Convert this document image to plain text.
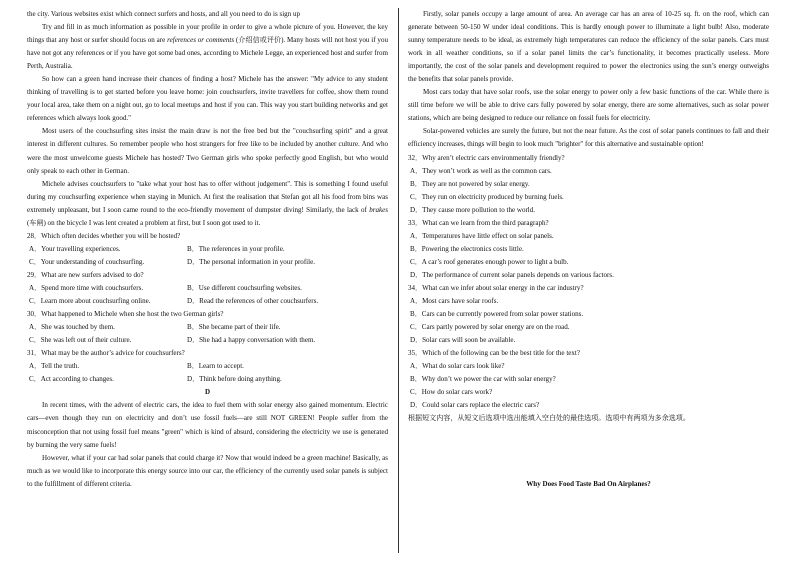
the city. Various websites exist which connect surfers and hosts, and all you need to do is sign up

Try and fill in as much information as possible in your profile in order to give a whole picture of you. However, the key things that any host or surfer should focus on are references or comments (介绍信或评价). Many hosts will not host you if you have not got any references or if you have got some bad ones, according to Michele Legge, an experienced host and surfer from Perth, Australia.

So how can a green hand increase their chances of finding a host? Michele has the answer: "My advice to any student thinking of travelling is to get started before you leave home: join couchsurfers, invite travellers for coffee, show them round your local area, take them on a night out, go to local meetups and host if you can. This way you start building networks and get references which always look good."

Most users of the couchsurfing sites insist the main draw is not the free bed but the "couchsurfing spirit" and a great interest in different cultures. So remember people who host strangers for free like to be included by another culture. And who were the most unwelcome guests Michele has hosted? Two German girls who spoke perfectly good English, but who would only speak to each other in German.

Michele advises couchsurfers to "take what your host has to offer without judgement". This is something I found useful during my couchsurfing experience when staying in Munich. At first the realisation that Stefan got all his food from bins was extremely unpleasant, but I soon came round to the eco-friendly movement of dumpster diving! Similarly, the lack of brakes (车闸) on the bicycle I was lent created a problem at first, but I soon got used to it.

28．Which often decides whether you will be hosted?
A．Your travelling experiences.	B．The references in your profile.
C．Your understanding of couchsurfing.	D．The personal information in your profile.
29．What are new surfers advised to do?
A．Spend more time with couchsurfers.	B．Use different couchsurfing websites.
C．Learn more about couchsurfing online.	D．Read the references of other couchsurfers.
30．What happened to Michele when she host the two German girls?
A．She was touched by them.	B．She became part of their life.
C．She was left out of their culture.	D．She had a happy conversation with them.
31．What may be the author’s advice for couchsurfers?
A．Tell the truth.	B．Learn to accept.
C．Act according to changes.	D．Think before doing anything.
D

In recent times, with the advent of electric cars, the idea to fuel them with solar energy also gained momentum. Electric cars—even though they run on electricity and don’t use fossil fuels—are still NOT GREEN! People suffer from the misconception that not using fossil fuel means "green" which is kind of absurd, considering the electricity we use is generated by burning the very same fuels!

However, what if your car had solar panels that could charge it? Now that would indeed be a green machine! Basically, as much as we would like to incorporate this energy source into our car, the efficiency of the currently used solar panels is subject to the fulfillment of different criteria.

Firstly, solar panels occupy a large amount of area. An average car has an area of 10-25 sq. ft. on the roof, which can generate between 50-150 W under ideal conditions. This is hardly enough power to illuminate a light bulb! Also, moderate sunny temperature needs to be ideal, as extremely high temperatures can reduce the efficiency of the solar panels. Cars must work in all weather conditions, so if a solar panel limits the car’s functionality, it becomes practically useless. More importantly, the cost of the solar panels and development required to power the electronics using the sun’s energy outweighs the benefits that solar panels provide.

Most cars today that have solar roofs, use the solar energy to power only a few basic functions of the car. While there is still time before we will be able to drive cars fully powered by solar energy, there are some alternatives, such as solar power stations, which are being designed to reduce our reliance on fossil fuels for electricity.

Solar-powered vehicles are surely the future, but not the near future. As the cost of solar panels continues to fall and their efficiency increases, things will begin to look much "brighter" for this alternative and sustainable option!

32．Why aren’t electric cars environmentally friendly?
A．They won’t work as well as the common cars.
B．They are not powered by solar energy.
C．They run on electricity produced by burning fuels.
D．They cause more pollution to the world.
33．What can we learn from the third paragraph?
A．Temperatures have little effect on solar panels.
B．Powering the electronics costs little.
C．A car’s roof generates enough power to light a bulb.
D．The performance of current solar panels depends on various factors.
34．What can we infer about solar energy in the car industry?
A．Most cars have solar roofs.
B．Cars can be currently powered from solar power stations.
C．Cars partly powered by solar energy are on the road.
D．Solar cars will soon be available.
35．Which of the following can be the best title for the text?
A．What do solar cars look like?
B．Why don’t we power the car with solar energy?
C．How do solar cars work?
D．Could solar cars replace the electric cars?
根据短文内容，从短文后选项中选出能填入空白处的最佳选项。选项中有两项为多余选项。
Why Does Food Taste Bad On Airplanes?
